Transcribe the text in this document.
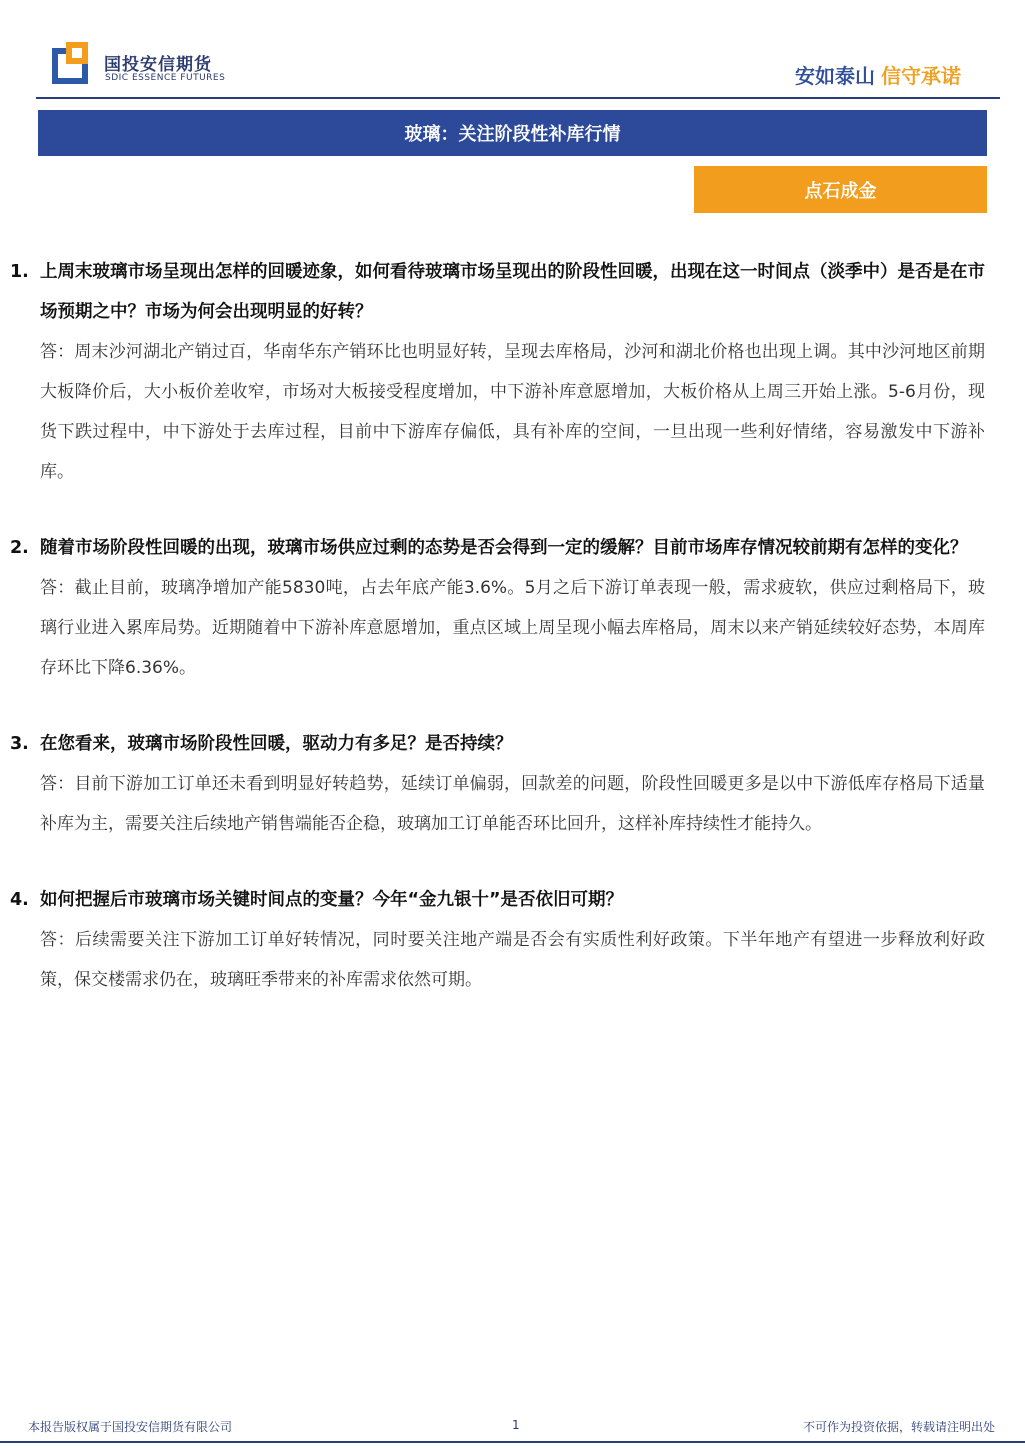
国投安信期货
SDIC ESSENCE FUTURES	安如泰山 信守承诺
玻璃：关注阶段性补库行情
点石成金
1. 上周末玻璃市场呈现出怎样的回暖迹象，如何看待玻璃市场呈现出的阶段性回暖，出现在这一时间点（淡季中）是否是在市场预期之中？市场为何会出现明显的好转？
答：周末沙河湖北产销过百，华南华东产销环比也明显好转，呈现去库格局，沙河和湖北价格也出现上调。其中沙河地区前期大板降价后，大小板价差收窄，市场对大板接受程度增加，中下游补库意愿增加，大板价格从上周三开始上涨。5-6月份，现货下跌过程中，中下游处于去库过程，目前中下游库存偏低，具有补库的空间，一旦出现一些利好情绪，容易激发中下游补库。
2. 随着市场阶段性回暖的出现，玻璃市场供应过剩的态势是否会得到一定的缓解？目前市场库存情况较前期有怎样的变化？
答：截止目前，玻璃净增加产能5830吨，占去年底产能3.6%。5月之后下游订单表现一般，需求疲软，供应过剩格局下，玻璃行业进入累库局势。近期随着中下游补库意愿增加，重点区域上周呈现小幅去库格局，周末以来产销延续较好态势，本周库存环比下降6.36%。
3. 在您看来，玻璃市场阶段性回暖，驱动力有多足？是否持续？
答：目前下游加工订单还未看到明显好转趋势，延续订单偏弱，回款差的问题，阶段性回暖更多是以中下游低库存格局下适量补库为主，需要关注后续地产销售端能否企稳，玻璃加工订单能否环比回升，这样补库持续性才能持久。
4. 如何把握后市玻璃市场关键时间点的变量？今年“金九银十”是否依旧可期？
答：后续需要关注下游加工订单好转情况，同时要关注地产端是否会有实质性利好政策。下半年地产有望进一步释放利好政策，保交楼需求仍在，玻璃旺季带来的补库需求依然可期。
本报告版权属于国投安信期货有限公司	1	不可作为投资依据，转载请注明出处
